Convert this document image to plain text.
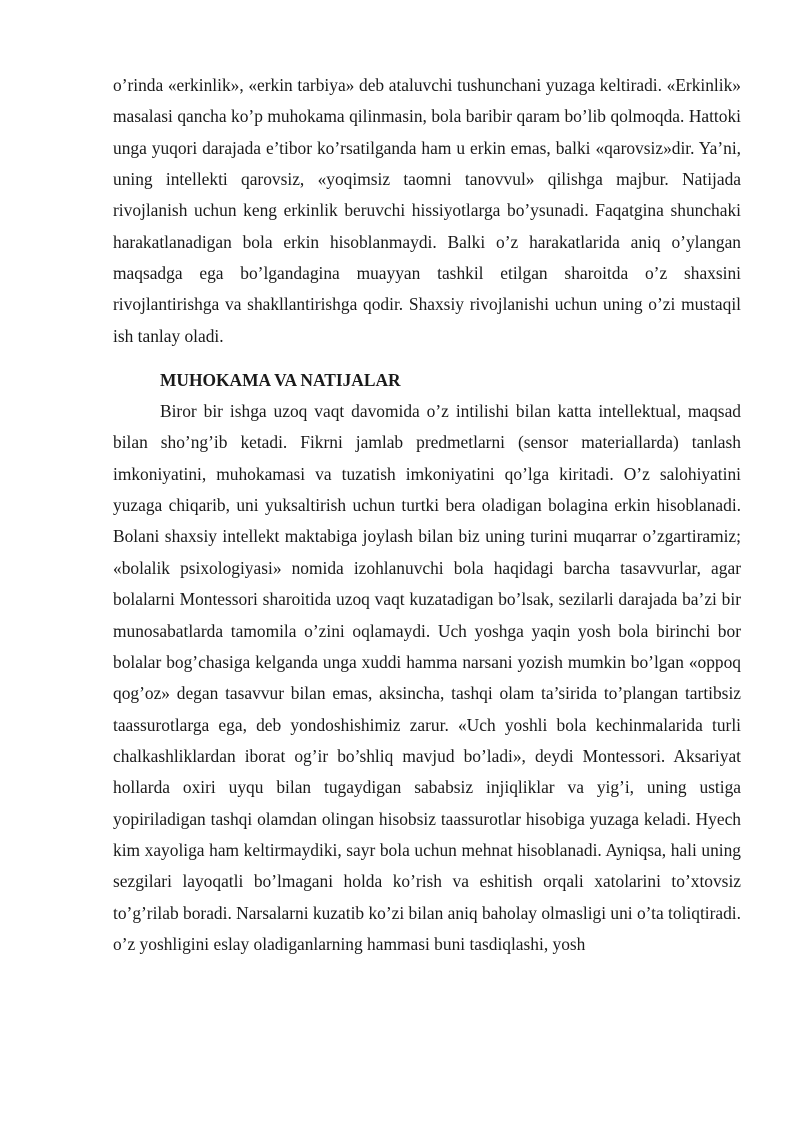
o’rinda «erkinlik», «erkin tarbiya» deb ataluvchi tushunchani yuzaga keltiradi. «Erkinlik» masalasi qancha ko’p muhokama qilinmasin, bola baribir qaram bo’lib qolmoqda. Hattoki unga yuqori darajada e’tibor ko’rsatilganda ham u erkin emas, balki «qarovsiz»dir. Ya’ni, uning intellekti qarovsiz, «yoqimsiz taomni tanovvul» qilishga majbur. Natijada rivojlanish uchun keng erkinlik beruvchi hissiyotlarga bo’ysunadi. Faqatgina shunchaki harakatlanadigan bola erkin hisoblanmaydi. Balki o’z harakatlarida aniq o’ylangan maqsadga ega bo’lgandagina muayyan tashkil etilgan sharoitda o’z shaxsini rivojlantirishga va shakllantirishga qodir. Shaxsiy rivojlanishi uchun uning o’zi mustaqil ish tanlay oladi.

MUHOKAMA VA NATIJALAR

Biror bir ishga uzoq vaqt davomida o’z intilishi bilan katta intellektual, maqsad bilan sho’ng’ib ketadi. Fikrni jamlab predmetlarni (sensor materiallarda) tanlash imkoniyatini, muhokamasi va tuzatish imkoniyatini qo’lga kiritadi. O’z salohiyatini yuzaga chiqarib, uni yuksaltirish uchun turtki bera oladigan bolagina erkin hisoblanadi. Bolani shaxsiy intellekt maktabiga joylash bilan biz uning turini muqarrar o’zgartiramiz; «bolalik psixologiyasi» nomida izohlanuvchi bola haqidagi barcha tasavvurlar, agar bolalarni Montessori sharoitida uzoq vaqt kuzatadigan bo’lsak, sezilarli darajada ba’zi bir munosabatlarda tamomila o’zini oqlamaydi. Uch yoshga yaqin yosh bola birinchi bor bolalar bog’chasiga kelganda unga xuddi hamma narsani yozish mumkin bo’lgan «oppoq qog’oz» degan tasavvur bilan emas, aksincha, tashqi olam ta’sirida to’plangan tartibsiz taassurotlarga ega, deb yondoshishimiz zarur. «Uch yoshli bola kechinmalarida turli chalkashliklardan iborat og’ir bo’shliq mavjud bo’ladi», deydi Montessori. Aksariyat hollarda oxiri uyqu bilan tugaydigan sababsiz injiqliklar va yig’i, uning ustiga yopiriladigan tashqi olamdan olingan hisobsiz taassurotlar hisobiga yuzaga keladi. Hyech kim xayoliga ham keltirmaydiki, sayr bola uchun mehnat hisoblanadi. Ayniqsa, hali uning sezgilari layoqatli bo’lmagani holda ko’rish va eshitish orqali xatolarini to’xtovsiz to’g’rilab boradi. Narsalarni kuzatib ko’zi bilan aniq baholay olmasligi uni o’ta toliqtiradi. o’z yoshligini eslay oladiganlarning hammasi buni tasdiqlashi, yosh
